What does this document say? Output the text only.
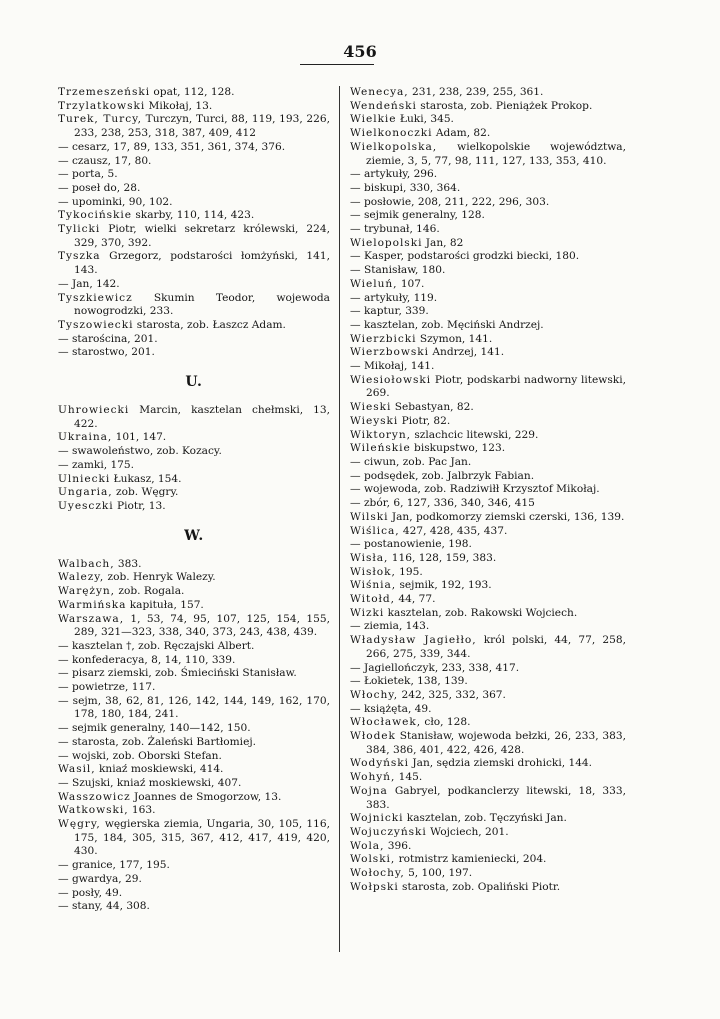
456
Trzemeszeński opat, 112, 128.
Trzylatkowski Mikołaj, 13.
Turek, Turcy, Turczyn, Turci, 88, 119, 193, 226, 233, 238, 253, 318, 387, 409, 412
— cesarz, 17, 89, 133, 351, 361, 374, 376.
— czausz, 17, 80.
— porta, 5.
— poseł do, 28.
— upominki, 90, 102.
Tykocińskie skarby, 110, 114, 423.
Tylicki Piotr, wielki sekretarz królewski, 224, 329, 370, 392.
Tyszka Grzegorz, podstarości łomżyński, 141, 143.
— Jan, 142.
Tyszkiewicz Skumin Teodor, wojewoda nowogrodzki, 233.
Tyszowiecki starosta, zob. Łaszcz Adam.
— starościna, 201.
— starostwo, 201.
U.
Uhrowiecki Marcin, kasztelan chełmski, 13, 422.
Ukraina, 101, 147.
— swawoleństwo, zob. Kozacy.
— zamki, 175.
Ulniecki Łukasz, 154.
Ungaria, zob. Węgry.
Uyesczki Piotr, 13.
W.
Walbach, 383.
Walezy, zob. Henryk Walezy.
Warężyn, zob. Rogala.
Warmińska kapituła, 157.
Warszawa, 1, 53, 74, 95, 107, 125, 154, 155, 289, 321—323, 338, 340, 373, 243, 438, 439.
— kasztelan †, zob. Ręczajski Albert.
— konfederacya, 8, 14, 110, 339.
— pisarz ziemski, zob. Śmieciński Stanisław.
— powietrze, 117.
— sejm, 38, 62, 81, 126, 142, 144, 149, 162, 170, 178, 180, 184, 241.
— sejmik generalny, 140—142, 150.
— starosta, zob. Żaleński Bartłomiej.
— wojski, zob. Oborski Stefan.
Wasil, kniaź moskiewski, 414.
— Szujski, kniaź moskiewski, 407.
Wasszowicz Joannes de Smogorzow, 13.
Watkowski, 163.
Węgry, węgierska ziemia, Ungaria, 30, 105, 116, 175, 184, 305, 315, 367, 412, 417, 419, 420, 430.
— granice, 177, 195.
— gwardya, 29.
— posły, 49.
— stany, 44, 308.
Wenecya, 231, 238, 239, 255, 361.
Wendeński starosta, zob. Pieniążek Prokop.
Wielkie Łuki, 345.
Wielkonoczki Adam, 82.
Wielkopolska, wielkopolskie województwa, ziemie, 3, 5, 77, 98, 111, 127, 133, 353, 410.
— artykuły, 296.
— biskupi, 330, 364.
— posłowie, 208, 211, 222, 296, 303.
— sejmik generalny, 128.
— trybunał, 146.
Wielopolski Jan, 82
— Kasper, podstarości grodzki biecki, 180.
— Stanisław, 180.
Wieluń, 107.
— artykuły, 119.
— kaptur, 339.
— kasztelan, zob. Męciński Andrzej.
Wierzbicki Szymon, 141.
Wierzbowski Andrzej, 141.
— Mikołaj, 141.
Wiesiołowski Piotr, podskarbi nadworny litewski, 269.
Wieski Sebastyan, 82.
Wieyski Piotr, 82.
Wiktoryn, szlachcic litewski, 229.
Wileńskie biskupstwo, 123.
— ciwun, zob. Pac Jan.
— podsędek, zob. Jalbrzyk Fabian.
— wojewoda, zob. Radziwiłł Krzysztof Mikołaj.
— zbór, 6, 127, 336, 340, 346, 415
Wilski Jan, podkomorzy ziemski czerski, 136, 139.
Wiślica, 427, 428, 435, 437.
— postanowienie, 198.
Wisła, 116, 128, 159, 383.
Wisłok, 195.
Wiśnia, sejmik, 192, 193.
Witołd, 44, 77.
Wizki kasztelan, zob. Rakowski Wojciech.
— ziemia, 143.
Władysław Jagiełło, król polski, 44, 77, 258, 266, 275, 339, 344.
— Jagiellończyk, 233, 338, 417.
— Łokietek, 138, 139.
Włochy, 242, 325, 332, 367.
— książęta, 49.
Włocławek, cło, 128.
Włodek Stanisław, wojewoda bełzki, 26, 233, 383, 384, 386, 401, 422, 426, 428.
Wodyński Jan, sędzia ziemski drohicki, 144.
Wohyń, 145.
Wojna Gabryel, podkanclerzy litewski, 18, 333, 383.
Wojnicki kasztelan, zob. Tęczyński Jan.
Wojuczyński Wojciech, 201.
Wola, 396.
Wolski, rotmistrz kamieniecki, 204.
Wołochy, 5, 100, 197.
Wołpski starosta, zob. Opaliński Piotr.
